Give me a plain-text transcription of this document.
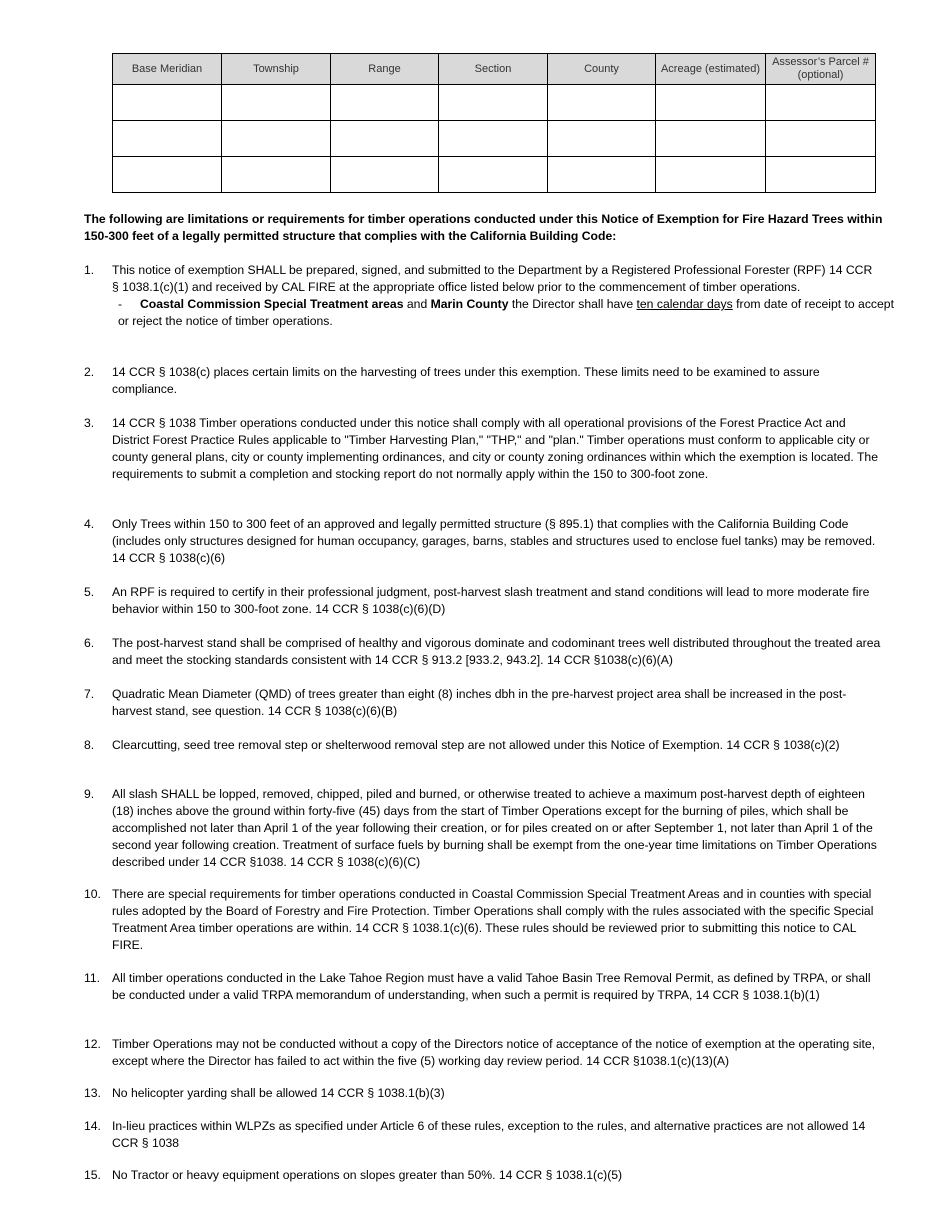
Base Meridian	Township	Range	Section	County	Acreage (estimated)	Assessor’s Parcel # (optional)

The following are limitations or requirements for timber operations conducted under this Notice of Exemption for Fire Hazard Trees within 150-300 feet of a legally permitted structure that complies with the California Building Code:
1. This notice of exemption SHALL be prepared, signed, and submitted to the Department by a Registered Professional Forester (RPF) 14 CCR § 1038.1(c)(1) and received by CAL FIRE at the appropriate office listed below prior to the commencement of timber operations.
- Coastal Commission Special Treatment areas and Marin County the Director shall have ten calendar days from date of receipt to accept
or reject the notice of timber operations.
2. 14 CCR § 1038(c) places certain limits on the harvesting of trees under this exemption. These limits need to be examined to assure compliance.
3. 14 CCR § 1038 Timber operations conducted under this notice shall comply with all operational provisions of the Forest Practice Act and District Forest Practice Rules applicable to "Timber Harvesting Plan," "THP," and "plan." Timber operations must conform to applicable city or county general plans, city or county implementing ordinances, and city or county zoning ordinances within which the exemption is located. The requirements to submit a completion and stocking report do not normally apply within the 150 to 300-foot zone.
4. Only Trees within 150 to 300 feet of an approved and legally permitted structure (§ 895.1) that complies with the California Building Code (includes only structures designed for human occupancy, garages, barns, stables and structures used to enclose fuel tanks) may be removed. 14 CCR § 1038(c)(6)
5. An RPF is required to certify in their professional judgment, post-harvest slash treatment and stand conditions will lead to more moderate fire behavior within 150 to 300-foot zone. 14 CCR § 1038(c)(6)(D)
6. The post-harvest stand shall be comprised of healthy and vigorous dominate and codominant trees well distributed throughout the treated area and meet the stocking standards consistent with 14 CCR § 913.2 [933.2, 943.2]. 14 CCR §1038(c)(6)(A)
7. Quadratic Mean Diameter (QMD) of trees greater than eight (8) inches dbh in the pre-harvest project area shall be increased in the post-harvest stand, see question. 14 CCR § 1038(c)(6)(B)
8. Clearcutting, seed tree removal step or shelterwood removal step are not allowed under this Notice of Exemption. 14 CCR § 1038(c)(2)
9. All slash SHALL be lopped, removed, chipped, piled and burned, or otherwise treated to achieve a maximum post-harvest depth of eighteen (18) inches above the ground within forty-five (45) days from the start of Timber Operations except for the burning of piles, which shall be accomplished not later than April 1 of the year following their creation, or for piles created on or after September 1, not later than April 1 of the second year following creation. Treatment of surface fuels by burning shall be exempt from the one-year time limitations on Timber Operations described under 14 CCR §1038. 14 CCR § 1038(c)(6)(C)
10. There are special requirements for timber operations conducted in Coastal Commission Special Treatment Areas and in counties with special rules adopted by the Board of Forestry and Fire Protection. Timber Operations shall comply with the rules associated with the specific Special Treatment Area timber operations are within. 14 CCR § 1038.1(c)(6). These rules should be reviewed prior to submitting this notice to CAL FIRE.
11. All timber operations conducted in the Lake Tahoe Region must have a valid Tahoe Basin Tree Removal Permit, as defined by TRPA, or shall be conducted under a valid TRPA memorandum of understanding, when such a permit is required by TRPA, 14 CCR § 1038.1(b)(1)
12. Timber Operations may not be conducted without a copy of the Directors notice of acceptance of the notice of exemption at the operating site, except where the Director has failed to act within the five (5) working day review period. 14 CCR §1038.1(c)(13)(A)
13. No helicopter yarding shall be allowed 14 CCR § 1038.1(b)(3)
14. In-lieu practices within WLPZs as specified under Article 6 of these rules, exception to the rules, and alternative practices are not allowed 14 CCR § 1038
15. No Tractor or heavy equipment operations on slopes greater than 50%. 14 CCR § 1038.1(c)(5)
